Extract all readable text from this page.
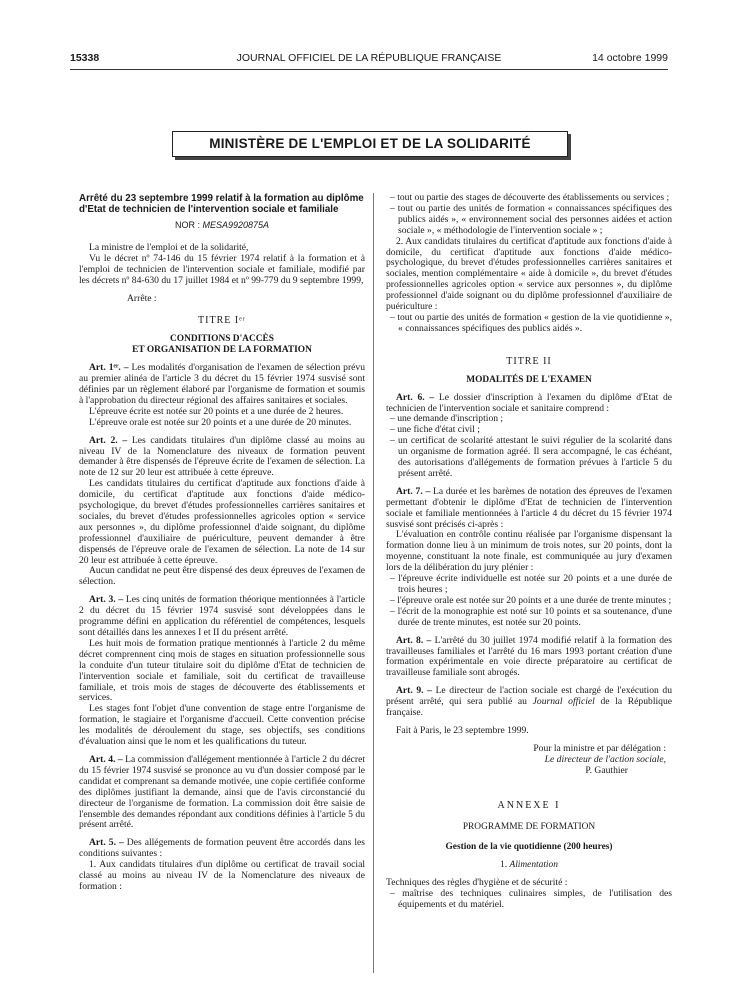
15338	JOURNAL OFFICIEL DE LA RÉPUBLIQUE FRANÇAISE	14 octobre 1999
MINISTÈRE DE L'EMPLOI ET DE LA SOLIDARITÉ

Arrêté du 23 septembre 1999 relatif à la formation au diplôme d'Etat de technicien de l'intervention sociale et familiale

NOR : MESA9920875A

La ministre de l'emploi et de la solidarité,

Vu le décret nº 74-146 du 15 février 1974 relatif à la formation et à l'emploi de technicien de l'intervention sociale et familiale, modifié par les décrets nº 84-630 du 17 juillet 1984 et nº 99-779 du 9 septembre 1999,

Arrête :

TITRE Iᵉʳ

CONDITIONS D'ACCÈS

ET ORGANISATION DE LA FORMATION

Art. 1ᵉʳ. – Les modalités d'organisation de l'examen de sélection prévu au premier alinéa de l'article 3 du décret du 15 février 1974 susvisé sont définies par un règlement élaboré par l'organisme de formation et soumis à l'approbation du directeur régional des affaires sanitaires et sociales.

L'épreuve écrite est notée sur 20 points et a une durée de 2 heures.

L'épreuve orale est notée sur 20 points et a une durée de 20 minutes.

Art. 2. – Les candidats titulaires d'un diplôme classé au moins au niveau IV de la Nomenclature des niveaux de formation peuvent demander à être dispensés de l'épreuve écrite de l'examen de sélection. La note de 12 sur 20 leur est attribuée à cette épreuve.

Les candidats titulaires du certificat d'aptitude aux fonctions d'aide à domicile, du certificat d'aptitude aux fonctions d'aide médico-psychologique, du brevet d'études professionnelles carrières sanitaires et sociales, du brevet d'études professionnelles agricoles option « service aux personnes », du diplôme professionnel d'aide soignant, du diplôme professionnel d'auxiliaire de puériculture, peuvent demander à être dispensés de l'épreuve orale de l'examen de sélection. La note de 14 sur 20 leur est attribuée à cette épreuve.

Aucun candidat ne peut être dispensé des deux épreuves de l'examen de sélection.

Art. 3. – Les cinq unités de formation théorique mentionnées à l'article 2 du décret du 15 février 1974 susvisé sont développées dans le programme défini en application du référentiel de compétences, lesquels sont détaillés dans les annexes I et II du présent arrêté.

Les huit mois de formation pratique mentionnés à l'article 2 du même décret comprennent cinq mois de stages en situation professionnelle sous la conduite d'un tuteur titulaire soit du diplôme d'Etat de technicien de l'intervention sociale et familiale, soit du certificat de travailleuse familiale, et trois mois de stages de découverte des établissements et services.

Les stages font l'objet d'une convention de stage entre l'organisme de formation, le stagiaire et l'organisme d'accueil. Cette convention précise les modalités de déroulement du stage, ses objectifs, ses conditions d'évaluation ainsi que le nom et les qualifications du tuteur.

Art. 4. – La commission d'allégement mentionnée à l'article 2 du décret du 15 février 1974 susvisé se prononce au vu d'un dossier composé par le candidat et comprenant sa demande motivée, une copie certifiée conforme des diplômes justifiant la demande, ainsi que de l'avis circonstancié du directeur de l'organisme de formation. La commission doit être saisie de l'ensemble des demandes répondant aux conditions définies à l'article 5 du présent arrêté.

Art. 5. – Des allégements de formation peuvent être accordés dans les conditions suivantes :

1. Aux candidats titulaires d'un diplôme ou certificat de travail social classé au moins au niveau IV de la Nomenclature des niveaux de formation :

– tout ou partie des stages de découverte des établissements ou services ;

– tout ou partie des unités de formation « connaissances spécifiques des publics aidés », « environnement social des personnes aidées et action sociale », « méthodologie de l'intervention sociale » ;

2. Aux candidats titulaires du certificat d'aptitude aux fonctions d'aide à domicile, du certificat d'aptitude aux fonctions d'aide médico-psychologique, du brevet d'études professionnelles carrières sanitaires et sociales, mention complémentaire « aide à domicile », du brevet d'études professionnelles agricoles option « service aux personnes », du diplôme professionnel d'aide soignant ou du diplôme professionnel d'auxiliaire de puériculture :

– tout ou partie des unités de formation « gestion de la vie quotidienne », « connaissances spécifiques des publics aidés ».

TITRE II

MODALITÉS DE L'EXAMEN

Art. 6. – Le dossier d'inscription à l'examen du diplôme d'Etat de technicien de l'intervention sociale et sanitaire comprend :

– une demande d'inscription ;

– une fiche d'état civil ;

– un certificat de scolarité attestant le suivi régulier de la scolarité dans un organisme de formation agréé. Il sera accompagné, le cas échéant, des autorisations d'allégements de formation prévues à l'article 5 du présent arrêté.

Art. 7. – La durée et les barèmes de notation des épreuves de l'examen permettant d'obtenir le diplôme d'Etat de technicien de l'intervention sociale et familiale mentionnées à l'article 4 du décret du 15 février 1974 susvisé sont précisés ci-après :

L'évaluation en contrôle continu réalisée par l'organisme dispensant la formation donne lieu à un minimum de trois notes, sur 20 points, dont la moyenne, constituant la note finale, est communiquée au jury d'examen lors de la délibération du jury plénier :

– l'épreuve écrite individuelle est notée sur 20 points et a une durée de trois heures ;

– l'épreuve orale est notée sur 20 points et a une durée de trente minutes ;

– l'écrit de la monographie est noté sur 10 points et sa soutenance, d'une durée de trente minutes, est notée sur 20 points.

Art. 8. – L'arrêté du 30 juillet 1974 modifié relatif à la formation des travailleuses familiales et l'arrêté du 16 mars 1993 portant création d'une formation expérimentale en voie directe préparatoire au certificat de travailleuse familiale sont abrogés.

Art. 9. – Le directeur de l'action sociale est chargé de l'exécution du présent arrêté, qui sera publié au Journal officiel de la République française.

Fait à Paris, le 23 septembre 1999.

Pour la ministre et par délégation :

Le directeur de l'action sociale,

P. Gauthier

ANNEXE I

PROGRAMME DE FORMATION

Gestion de la vie quotidienne (200 heures)

1. Alimentation

Techniques des règles d'hygiène et de sécurité :

– maîtrise des techniques culinaires simples, de l'utilisation des équipements et du matériel.
